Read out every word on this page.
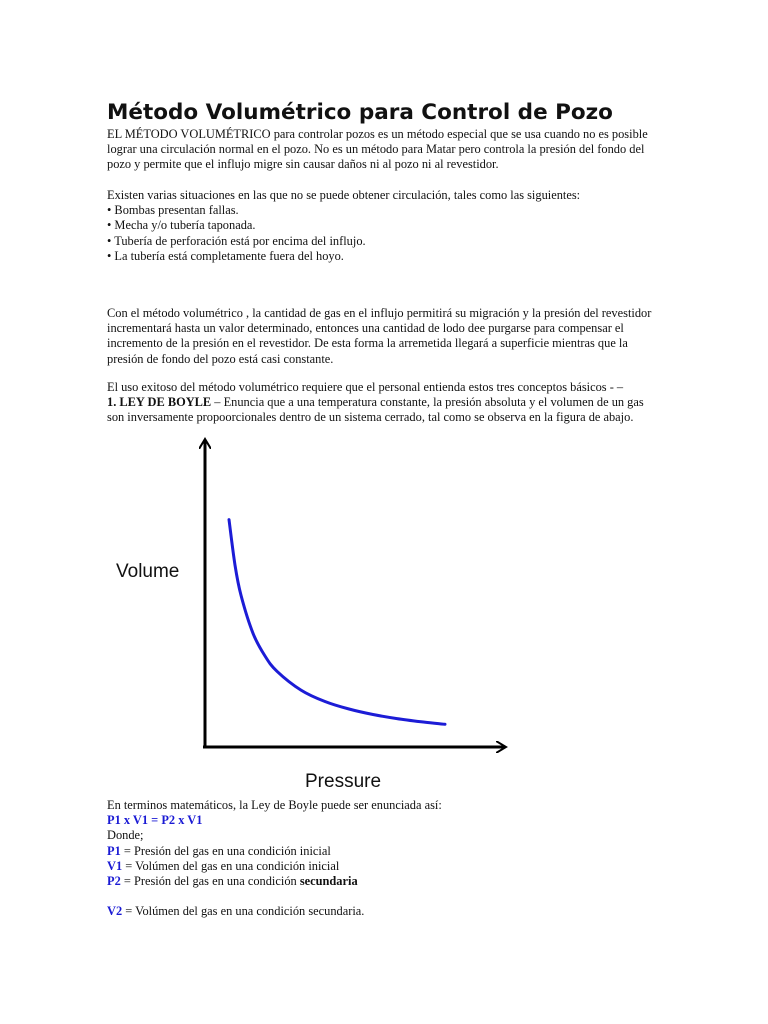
Método Volumétrico para Control de Pozo

EL MÉTODO VOLUMÉTRICO para controlar pozos es un método especial que se usa cuando no es posible

lograr una circulación normal en el pozo. No es un método para Matar pero controla la presión del fondo del

pozo y permite que el influjo migre sin causar daños ni al pozo ni al revestidor.

Existen varias situaciones en las que no se puede obtener circulación, tales como las siguientes:

• Bombas presentan fallas.

• Mecha y/o tubería taponada.

• Tubería de perforación está por encima del influjo.

• La tubería está completamente fuera del hoyo.

Con el método volumétrico , la cantidad de gas en el influjo permitirá su migración y la presión del revestidor

incrementará hasta un valor determinado, entonces una cantidad de lodo dee purgarse para compensar el

incremento de la presión en el revestidor. De esta forma la arremetida llegará a superficie mientras que la

presión de fondo del pozo está casi constante.

El uso exitoso del método volumétrico requiere que el personal entienda estos tres conceptos básicos - –

1. LEY DE BOYLE – Enuncia que a una temperatura constante, la presión absoluta y el volumen de un gas

son inversamente propoorcionales dentro de un sistema cerrado, tal como se observa en la figura de abajo.

Volume
Pressure

En terminos matemáticos, la Ley de Boyle puede ser enunciada así:

P1 x V1 = P2 x V1

Donde;

P1 = Presión del gas en una condición inicial

V1 = Volúmen del gas en una condición inicial

P2 = Presión del gas en una condición secundaria

V2 = Volúmen del gas en una condición secundaria.
